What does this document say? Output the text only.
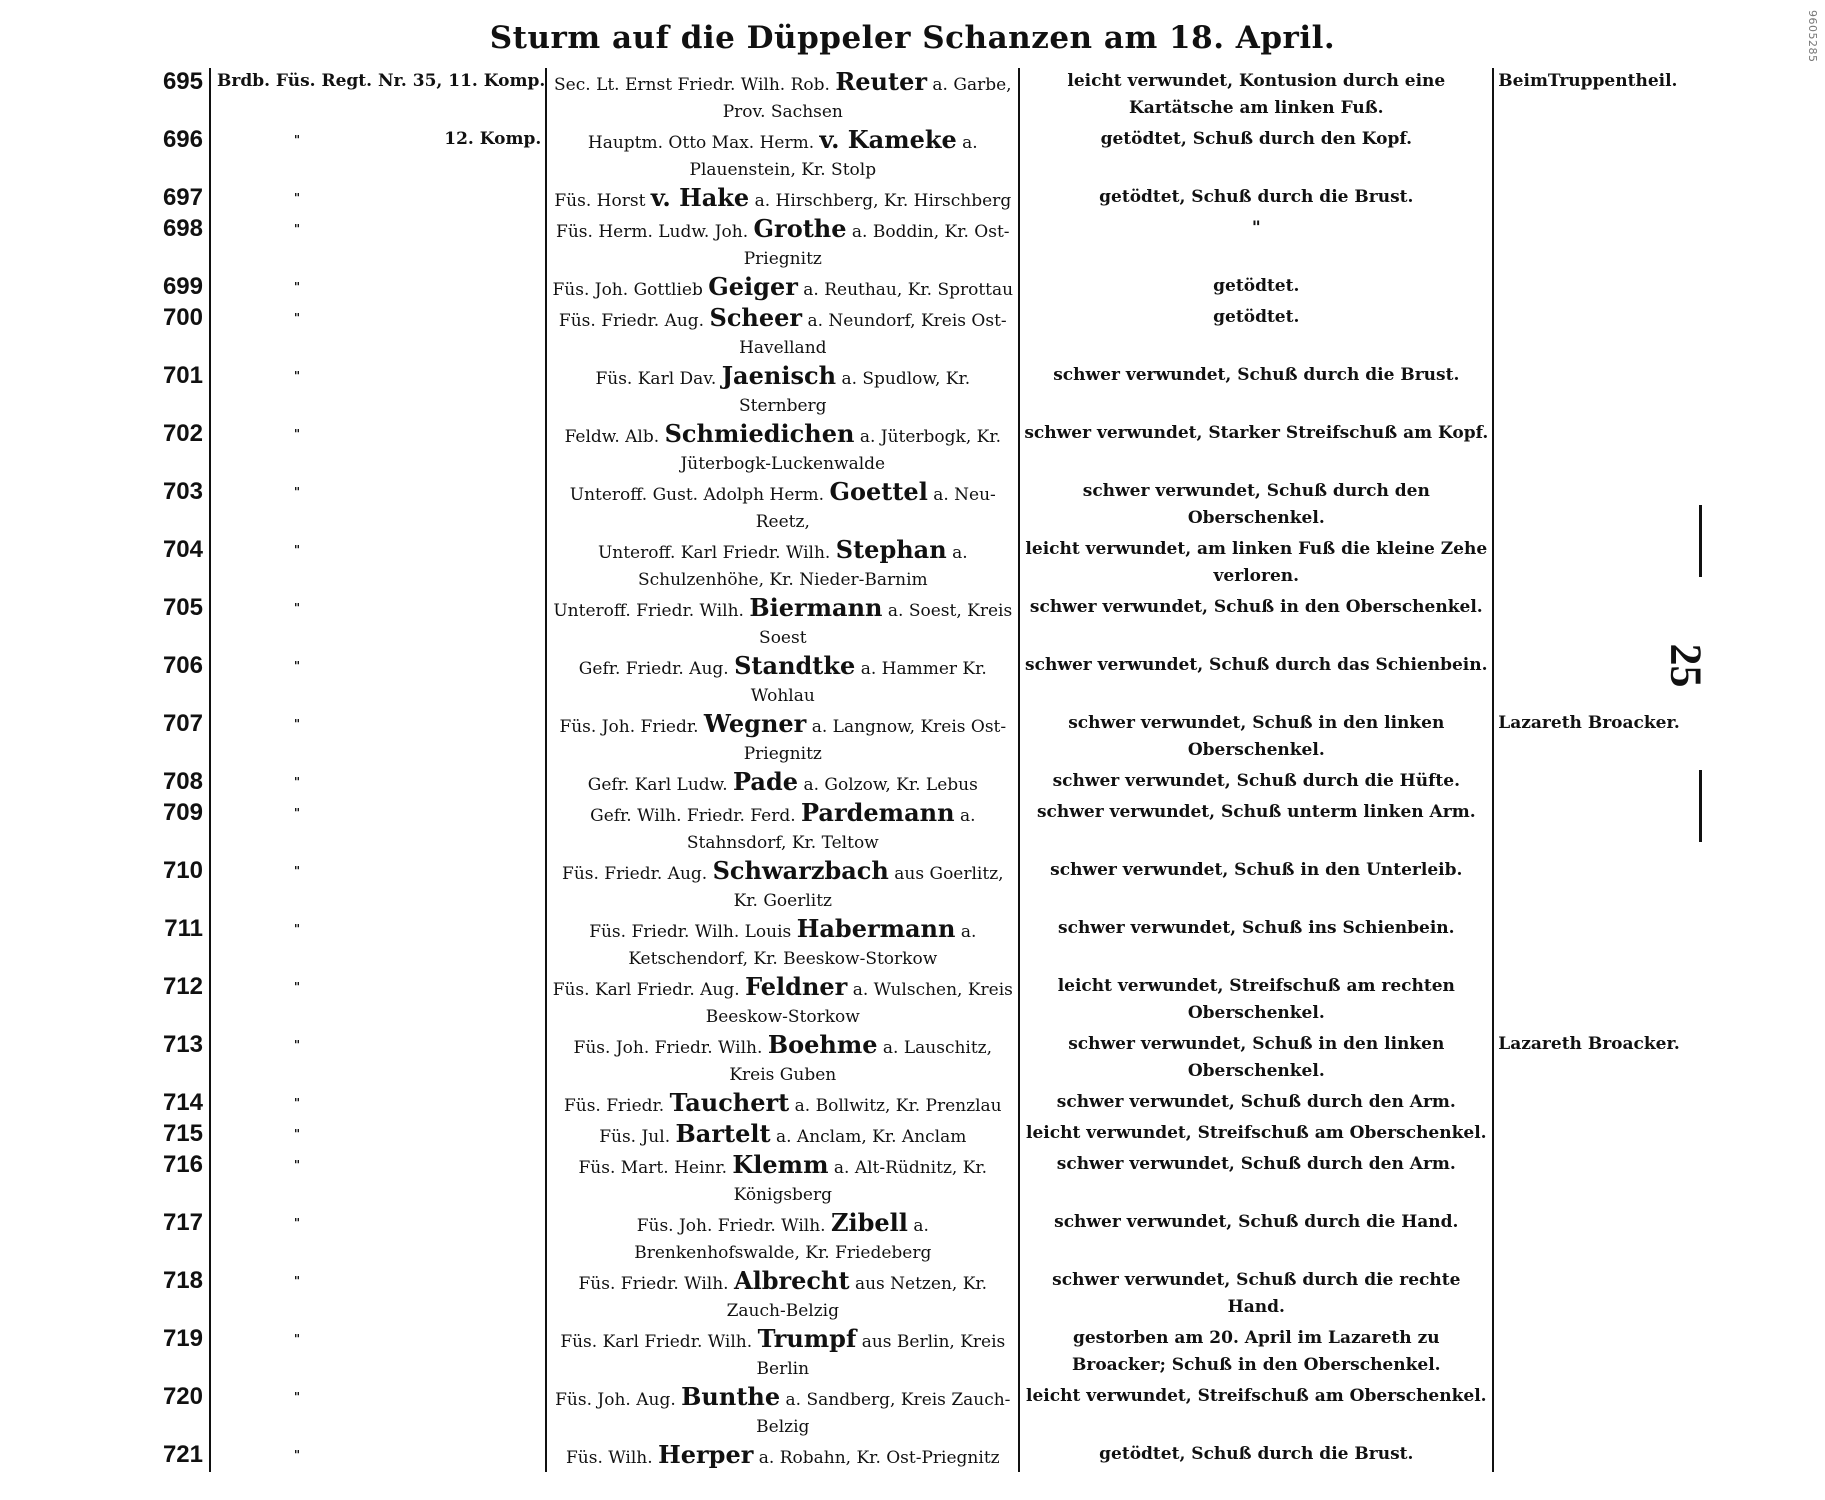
9605285
Sturm auf die Düppeler Schanzen am 18. April.
25
695	Brdb. Füs. Regt. Nr. 35, 11. Komp.	Sec. Lt. Ernst Friedr. Wilh. Rob. Reuter a. Garbe, Prov. Sachsen	leicht verwundet, Kontusion durch eine Kartätsche am linken Fuß.	BeimTruppentheil.
696	" 12. Komp.	Hauptm. Otto Max. Herm. v. Kameke a. Plauenstein, Kr. Stolp	getödtet, Schuß durch den Kopf.	
697	"	Füs. Horst v. Hake a. Hirschberg, Kr. Hirschberg	getödtet, Schuß durch die Brust.	
698	"	Füs. Herm. Ludw. Joh. Grothe a. Boddin, Kr. Ost-Priegnitz	"	
699	"	Füs. Joh. Gottlieb Geiger a. Reuthau, Kr. Sprottau	getödtet.	
700	"	Füs. Friedr. Aug. Scheer a. Neundorf, Kreis Ost-Havelland	getödtet.	
701	"	Füs. Karl Dav. Jaenisch a. Spudlow, Kr. Sternberg	schwer verwundet, Schuß durch die Brust.	
702	"	Feldw. Alb. Schmiedichen a. Jüterbogk, Kr. Jüterbogk-Luckenwalde	schwer verwundet, Starker Streifschuß am Kopf.	
703	"	Unteroff. Gust. Adolph Herm. Goettel a. Neu-Reetz,	schwer verwundet, Schuß durch den Oberschenkel.	
704	"	Unteroff. Karl Friedr. Wilh. Stephan a. Schulzenhöhe, Kr. Nieder-Barnim	leicht verwundet, am linken Fuß die kleine Zehe verloren.	
705	"	Unteroff. Friedr. Wilh. Biermann a. Soest, Kreis Soest	schwer verwundet, Schuß in den Oberschenkel.	
706	"	Gefr. Friedr. Aug. Standtke a. Hammer Kr. Wohlau	schwer verwundet, Schuß durch das Schienbein.	
707	"	Füs. Joh. Friedr. Wegner a. Langnow, Kreis Ost-Priegnitz	schwer verwundet, Schuß in den linken Oberschenkel.	Lazareth Broacker.
708	"	Gefr. Karl Ludw. Pade a. Golzow, Kr. Lebus	schwer verwundet, Schuß durch die Hüfte.	
709	"	Gefr. Wilh. Friedr. Ferd. Pardemann a. Stahnsdorf, Kr. Teltow	schwer verwundet, Schuß unterm linken Arm.	
710	"	Füs. Friedr. Aug. Schwarzbach aus Goerlitz, Kr. Goerlitz	schwer verwundet, Schuß in den Unterleib.	
711	"	Füs. Friedr. Wilh. Louis Habermann a. Ketschendorf, Kr. Beeskow-Storkow	schwer verwundet, Schuß ins Schienbein.	
712	"	Füs. Karl Friedr. Aug. Feldner a. Wulschen, Kreis Beeskow-Storkow	leicht verwundet, Streifschuß am rechten Oberschenkel.	
713	"	Füs. Joh. Friedr. Wilh. Boehme a. Lauschitz, Kreis Guben	schwer verwundet, Schuß in den linken Oberschenkel.	Lazareth Broacker.
714	"	Füs. Friedr. Tauchert a. Bollwitz, Kr. Prenzlau	schwer verwundet, Schuß durch den Arm.	
715	"	Füs. Jul. Bartelt a. Anclam, Kr. Anclam	leicht verwundet, Streifschuß am Oberschenkel.	
716	"	Füs. Mart. Heinr. Klemm a. Alt-Rüdnitz, Kr. Königsberg	schwer verwundet, Schuß durch den Arm.	
717	"	Füs. Joh. Friedr. Wilh. Zibell a. Brenkenhofswalde, Kr. Friedeberg	schwer verwundet, Schuß durch die Hand.	
718	"	Füs. Friedr. Wilh. Albrecht aus Netzen, Kr. Zauch-Belzig	schwer verwundet, Schuß durch die rechte Hand.	
719	"	Füs. Karl Friedr. Wilh. Trumpf aus Berlin, Kreis Berlin	gestorben am 20. April im Lazareth zu Broacker; Schuß in den Oberschenkel.	
720	"	Füs. Joh. Aug. Bunthe a. Sandberg, Kreis Zauch-Belzig	leicht verwundet, Streifschuß am Oberschenkel.	
721	"	Füs. Wilh. Herper a. Robahn, Kr. Ost-Priegnitz	getödtet, Schuß durch die Brust.	
